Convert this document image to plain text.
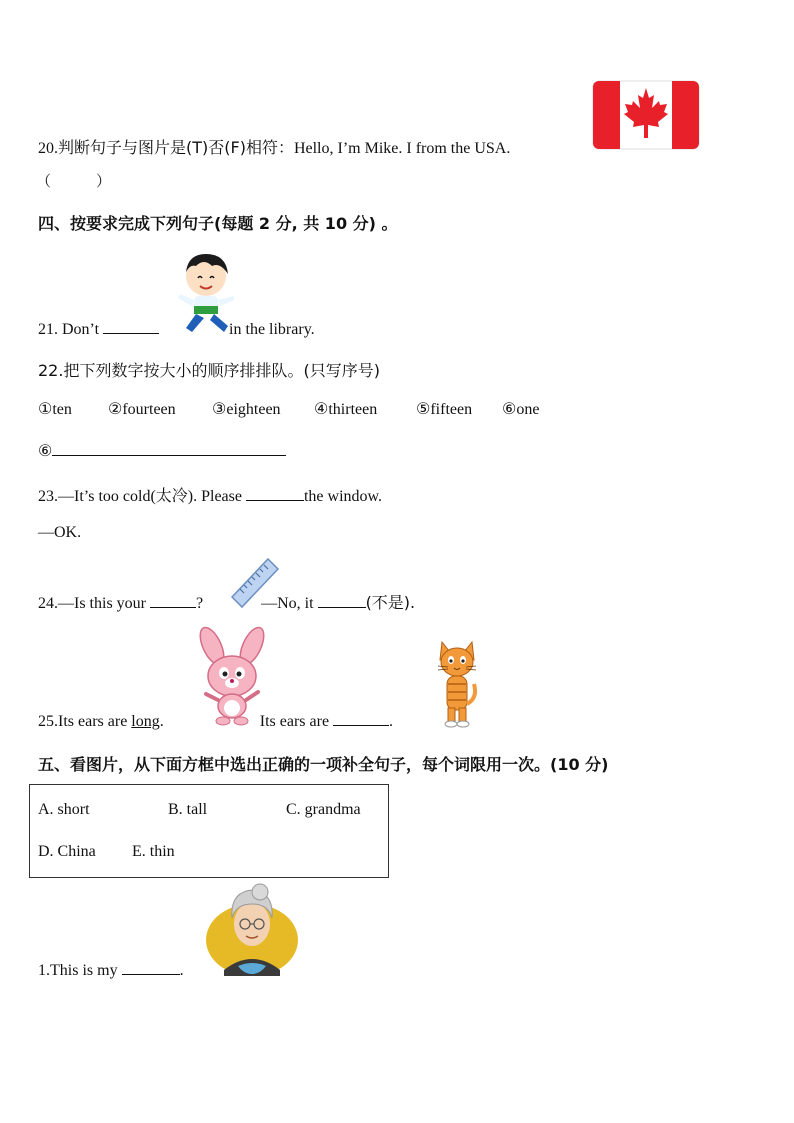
20.判断句子与图片是(T)否(F)相符：Hello, I’m Mike. I from the USA.
（　　　）
四、按要求完成下列句子(每题 2 分, 共 10 分) 。
21. Don’t	in the library.
22.把下列数字按大小的顺序排排队。(只写序号)
①ten ②fourteen ③eighteen ④thirteen ⑤fifteen ⑥one
⑥
23.—It’s too cold(太冷). Please	the window.
—OK.
24.—Is this your	?	—No, it	(不是).
25.Its ears are long.	Its ears are	.
五、看图片，从下面方框中选出正确的一项补全句子，每个词限用一次。(10 分)
A. short	B. tall	C. grandma
D. China E. thin
1.This is my	.
